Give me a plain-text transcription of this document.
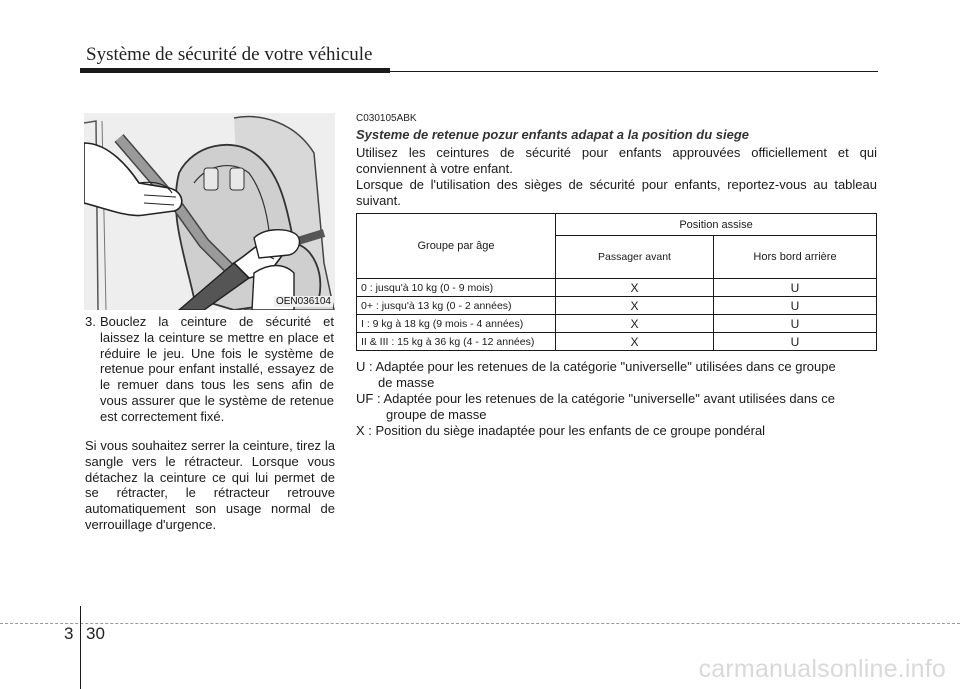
Système de sécurité de votre véhicule
OEN036104
3. Bouclez la ceinture de sécurité et laissez la ceinture se mettre en place et réduire le jeu. Une fois le système de retenue pour enfant installé, essayez de le remuer dans tous les sens afin de vous assurer que le système de retenue est correctement fixé.
Si vous souhaitez serrer la ceinture, tirez la sangle vers le rétracteur. Lorsque vous détachez la ceinture ce qui lui permet de se rétracter, le rétracteur retrouve automatiquement son usage normal de verrouillage d'urgence.
C030105ABK
Systeme de retenue pozur enfants adapat a la position du siege
Utilisez les ceintures de sécurité pour enfants approuvées officiellement et qui conviennent à votre enfant.
Lorsque de l'utilisation des sièges de sécurité pour enfants, reportez-vous au tableau suivant.
Groupe par âge	Position assise	
	Passager avant	Hors bord arrière
0 : jusqu'à 10 kg (0 - 9 mois)	X	U
0+ : jusqu'à 13 kg (0 - 2 années)	X	U
I : 9 kg à 18 kg (9 mois - 4 années)	X	U
II & III : 15 kg à 36 kg (4 - 12 années)	X	U
U : Adaptée pour les retenues de la catégorie "universelle" utilisées dans ce groupe
de masse
UF : Adaptée pour les retenues de la catégorie "universelle" avant utilisées dans ce
groupe de masse
X : Position du siège inadaptée pour les enfants de ce groupe pondéral
3 30
carmanualsonline.info
